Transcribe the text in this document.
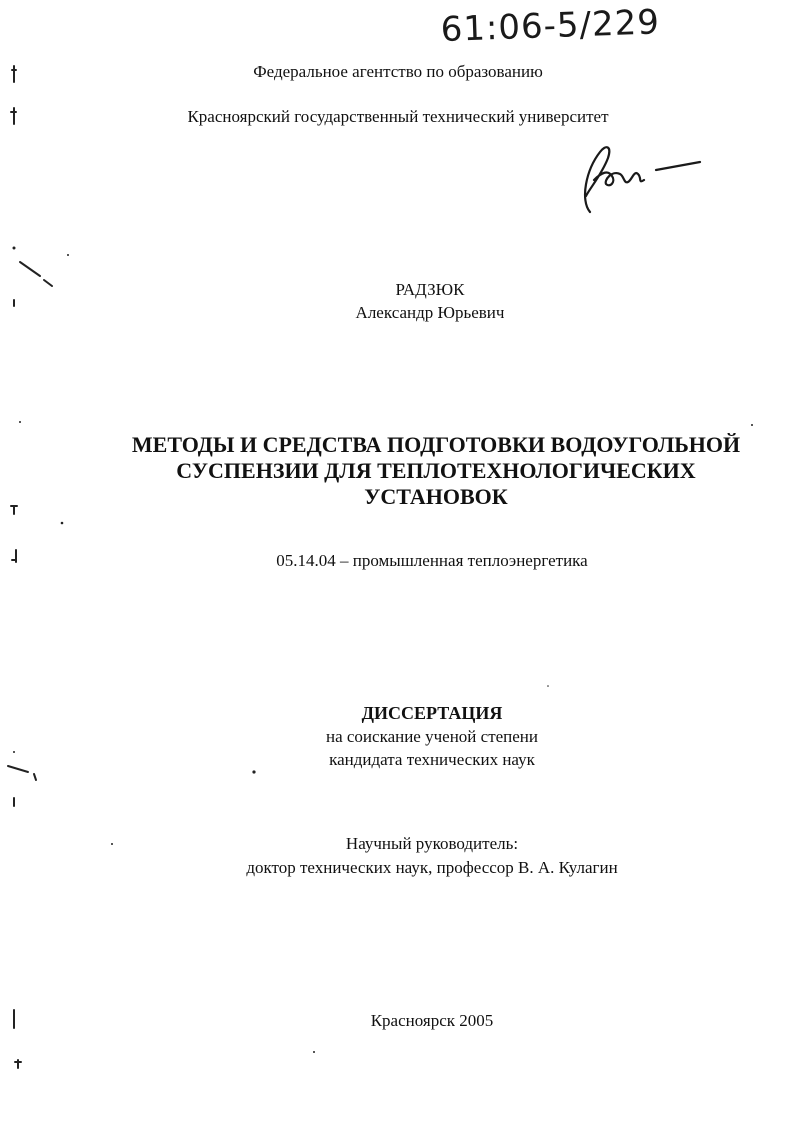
61:06-5/229
Федеральное агентство по образованию
Красноярский государственный технический университет
РАДЗЮК
Александр Юрьевич
МЕТОДЫ И СРЕДСТВА ПОДГОТОВКИ ВОДОУГОЛЬНОЙ
СУСПЕНЗИИ ДЛЯ ТЕПЛОТЕХНОЛОГИЧЕСКИХ
УСТАНОВОК
05.14.04 – промышленная теплоэнергетика
ДИССЕРТАЦИЯ
на соискание ученой степени
кандидата технических наук
Научный руководитель:
доктор технических наук, профессор В. А. Кулагин
Красноярск 2005
